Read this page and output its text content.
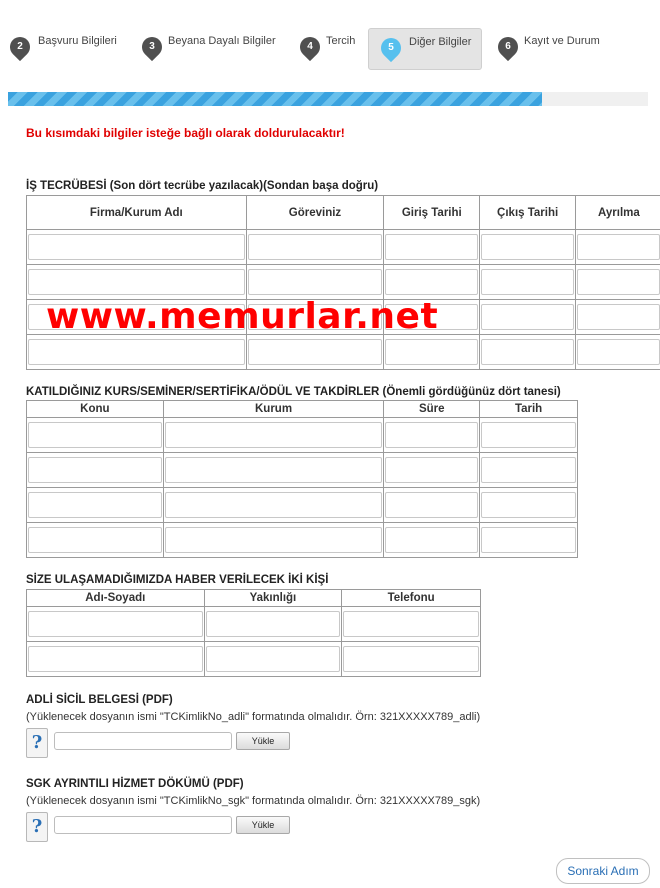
2	Başvuru Bilgileri	3	Beyana Dayalı Bilgiler	4	Tercih
5	Diğer Bilgiler	6	Kayıt ve Durum
Bu kısımdaki bilgiler isteğe bağlı olarak doldurulacaktır!
İŞ TECRÜBESİ (Son dört tecrübe yazılacak)(Sondan başa doğru)
Firma/Kurum Adı	Göreviniz	Giriş Tarihi	Çıkış Tarihi	Ayrılma

KATILDIĞINIZ KURS/SEMİNER/SERTİFİKA/ÖDÜL VE TAKDİRLER (Önemli gördüğünüz dört tanesi)
Konu	Kurum	Süre	Tarih

SİZE ULAŞAMADIĞIMIZDA HABER VERİLECEK İKİ KİŞİ
Adı-Soyadı	Yakınlığı	Telefonu

www.memurlar.net
ADLİ SİCİL BELGESİ (PDF)
(Yüklenecek dosyanın ismi "TCKimlikNo_adli" formatında olmalıdır. Örn: 321XXXXX789_adli)
?	Yükle
SGK AYRINTILI HİZMET DÖKÜMÜ (PDF)
(Yüklenecek dosyanın ismi "TCKimlikNo_sgk" formatında olmalıdır. Örn: 321XXXXX789_sgk)
?	Yükle
Sonraki Adım
